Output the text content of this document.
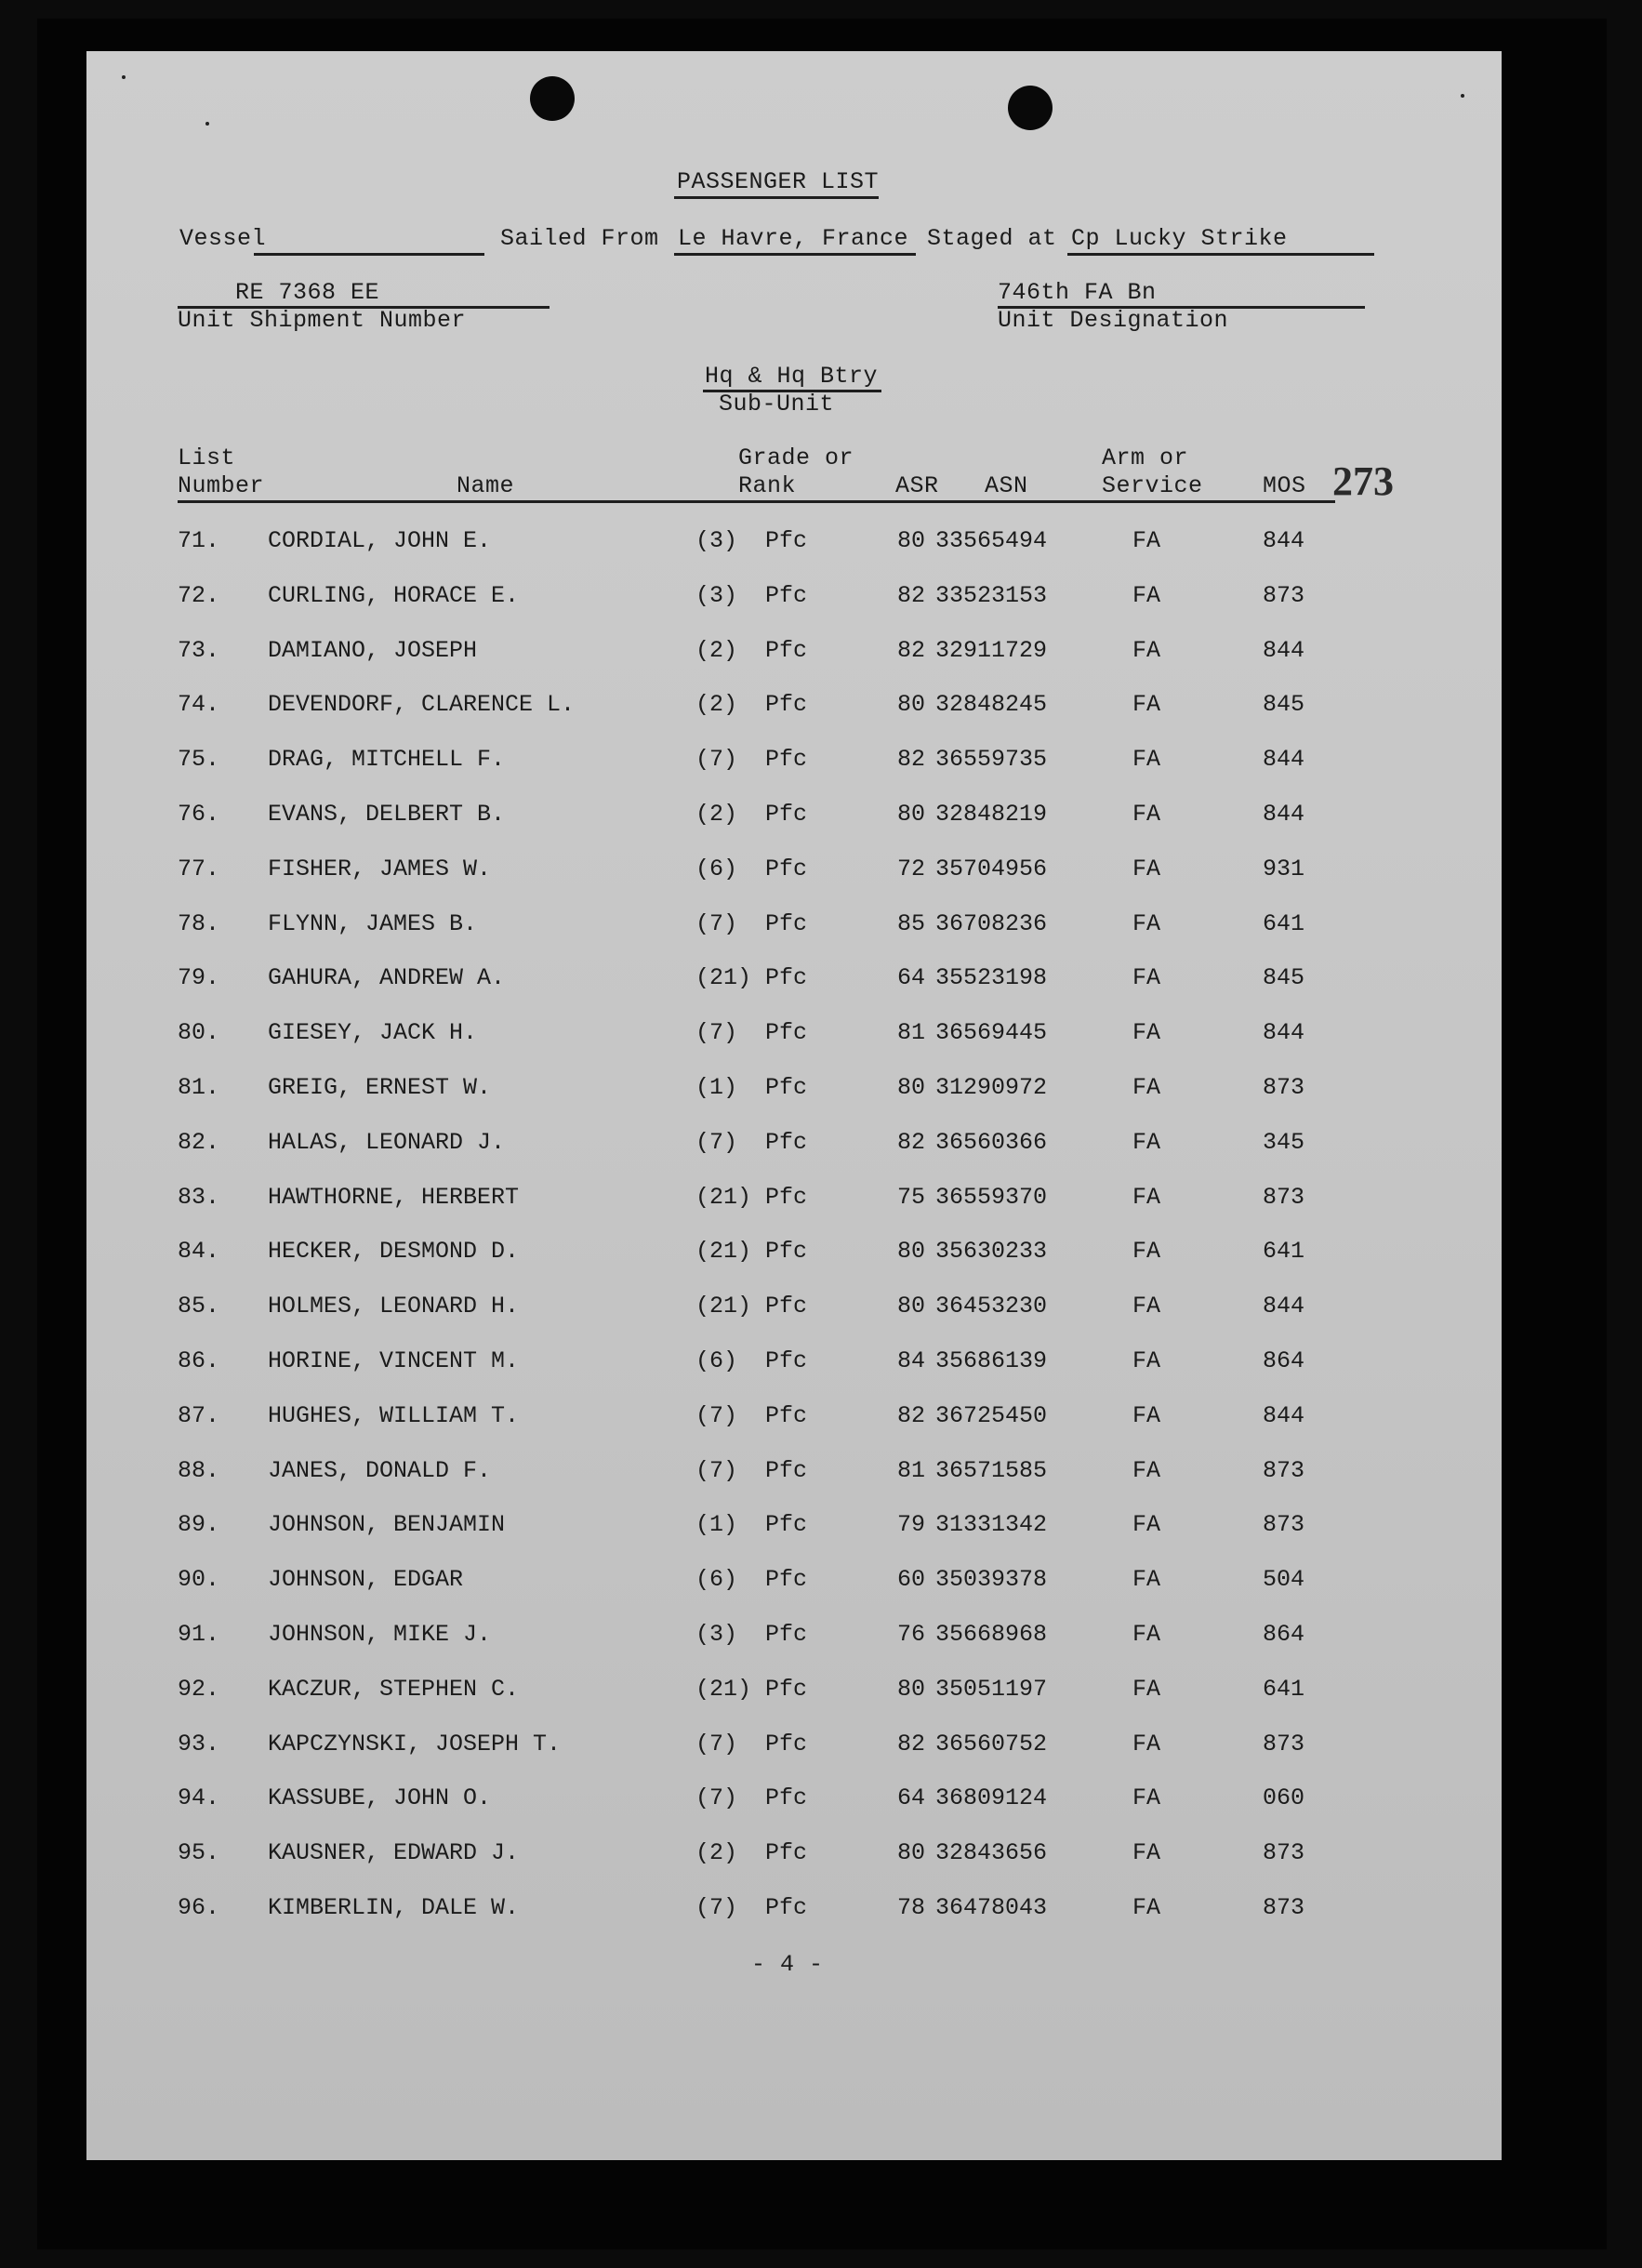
PASSENGER LIST
Vessel	Sailed From Le Havre, France Staged at Cp Lucky Strike
RE 7368 EE
Unit Shipment Number
746th FA Bn
Unit Designation
Hq & Hq Btry
Sub-Unit
List
Number	Name
Grade or
Rank	ASR ASN
Arm or
Service	MOS 273
71. CORDIAL, JOHN E.	(3) Pfc	80 33565494	FA	844
72. CURLING, HORACE E.	(3) Pfc	82 33523153	FA	873
73. DAMIANO, JOSEPH	(2) Pfc	82 32911729	FA	844
74. DEVENDORF, CLARENCE L.	(2) Pfc	80 32848245	FA	845
75. DRAG, MITCHELL F.	(7) Pfc	82 36559735	FA	844
76. EVANS, DELBERT B.	(2) Pfc	80 32848219	FA	844
77. FISHER, JAMES W.	(6) Pfc	72 35704956	FA	931
78. FLYNN, JAMES B.	(7) Pfc	85 36708236	FA	641
79. GAHURA, ANDREW A.	(21) Pfc	64 35523198	FA	845
80. GIESEY, JACK H.	(7) Pfc	81 36569445	FA	844
81. GREIG, ERNEST W.	(1) Pfc	80 31290972	FA	873
82. HALAS, LEONARD J.	(7) Pfc	82 36560366	FA	345
83. HAWTHORNE, HERBERT	(21) Pfc	75 36559370	FA	873
84. HECKER, DESMOND D.	(21) Pfc	80 35630233	FA	641
85. HOLMES, LEONARD H.	(21) Pfc	80 36453230	FA	844
86. HORINE, VINCENT M.	(6) Pfc	84 35686139	FA	864
87. HUGHES, WILLIAM T.	(7) Pfc	82 36725450	FA	844
88. JANES, DONALD F.	(7) Pfc	81 36571585	FA	873
89. JOHNSON, BENJAMIN	(1) Pfc	79 31331342	FA	873
90. JOHNSON, EDGAR	(6) Pfc	60 35039378	FA	504
91. JOHNSON, MIKE J.	(3) Pfc	76 35668968	FA	864
92. KACZUR, STEPHEN C.	(21) Pfc	80 35051197	FA	641
93. KAPCZYNSKI, JOSEPH T.	(7) Pfc	82 36560752	FA	873
94. KASSUBE, JOHN O.	(7) Pfc	64 36809124	FA	060
95. KAUSNER, EDWARD J.	(2) Pfc	80 32843656	FA	873
96. KIMBERLIN, DALE W.	(7) Pfc	78 36478043	FA	873
- 4 -
